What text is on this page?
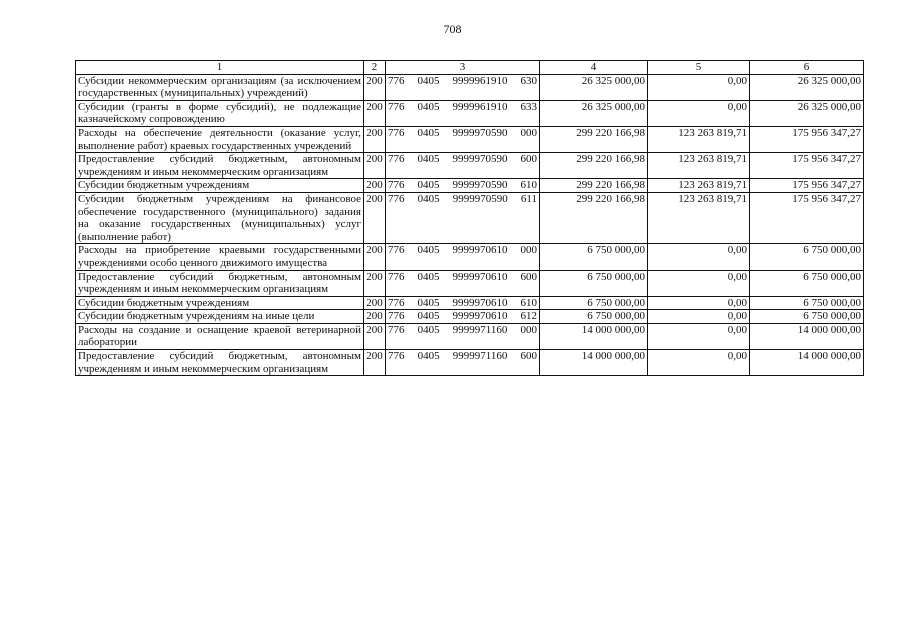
708
1	2	3	4	5	6
Субсидии некоммерческим организациям (за исключением государственных (муниципальных) учреждений)	200	776 0405 9999961910 630	26 325 000,00	0,00	26 325 000,00
Субсидии (гранты в форме субсидий), не подлежащие казначейскому сопровождению	200	776 0405 9999961910 633	26 325 000,00	0,00	26 325 000,00
Расходы на обеспечение деятельности (оказание услуг, выполнение работ) краевых государственных учреждений	200	776 0405 9999970590 000	299 220 166,98	123 263 819,71	175 956 347,27
Предоставление субсидий бюджетным, автономным учреждениям и иным некоммерческим организациям	200	776 0405 9999970590 600	299 220 166,98	123 263 819,71	175 956 347,27
Субсидии бюджетным учреждениям	200	776 0405 9999970590 610	299 220 166,98	123 263 819,71	175 956 347,27
Субсидии бюджетным учреждениям на финансовое обеспечение государственного (муниципального) задания на оказание государственных (муниципальных) услуг (выполнение работ)	200	776 0405 9999970590 611	299 220 166,98	123 263 819,71	175 956 347,27
Расходы на приобретение краевыми государственными учреждениями особо ценного движимого имущества	200	776 0405 9999970610 000	6 750 000,00	0,00	6 750 000,00
Предоставление субсидий бюджетным, автономным учреждениям и иным некоммерческим организациям	200	776 0405 9999970610 600	6 750 000,00	0,00	6 750 000,00
Субсидии бюджетным учреждениям	200	776 0405 9999970610 610	6 750 000,00	0,00	6 750 000,00
Субсидии бюджетным учреждениям на иные цели	200	776 0405 9999970610 612	6 750 000,00	0,00	6 750 000,00
Расходы на создание и оснащение краевой ветеринарной лаборатории	200	776 0405 9999971160 000	14 000 000,00	0,00	14 000 000,00
Предоставление субсидий бюджетным, автономным учреждениям и иным некоммерческим организациям	200	776 0405 9999971160 600	14 000 000,00	0,00	14 000 000,00
